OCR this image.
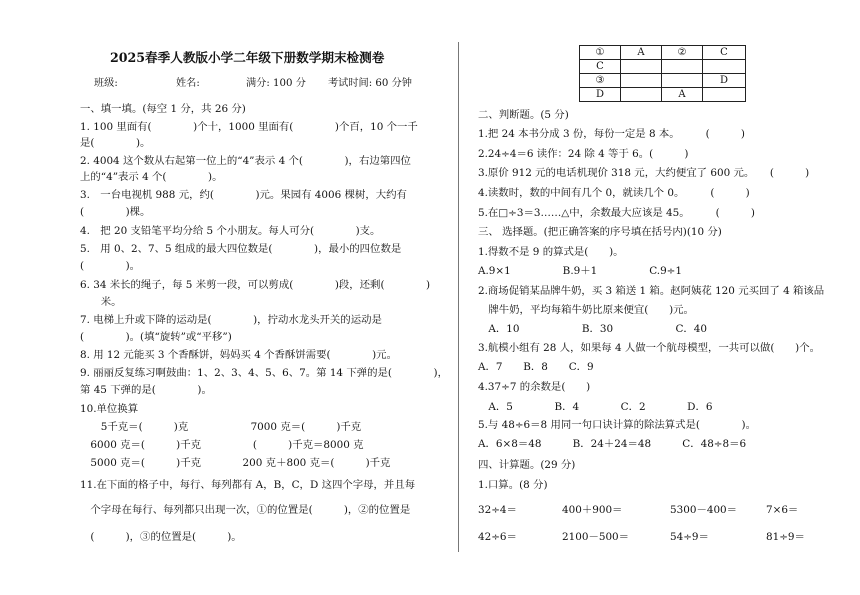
2025春季人教版小学二年级下册数学期末检测卷
班级:	姓名:	满分: 100 分 考试时间: 60 分钟
一、填一填。(每空 1 分，共 26 分)
1. 100 里面有(　　　　)个十，1000 里面有(　　　　)个百，10 个一千
是(　　　　)。
2. 4004 这个数从右起第一位上的“4”表示 4 个(　　　　)，右边第四位
上的“4”表示 4 个(　　　　)。
3.　一台电视机 988 元，约(　　　　)元。果园有 4006 棵树，大约有
(　　　　)棵。
4.　把 20 支铅笔平均分给 5 个小朋友。每人可分(　　　　)支。
5.　用 0、2、7、5 组成的最大四位数是(　　　　)，最小的四位数是
(　　　　)。
6. 34 米长的绳子，每 5 米剪一段，可以剪成(　　　　)段，还剩(　　　　)
　　米。
7. 电梯上升或下降的运动是(　　　　)，拧动水龙头开关的运动是
(　　　　)。(填“旋转”或“平移”)
8. 用 12 元能买 3 个香酥饼，妈妈买 4 个香酥饼需要(　　　　)元。
9. 丽丽反复练习啊鼓曲：1、2、3、4、5、6、7。第 14 下弹的是(　　　　)，
第 45 下弹的是(　　　　)。
10.单位换算
　　5千克＝(　　　)克　　　　　　7000 克＝(　　　)千克
　6000 克＝(　　　)千克　　　　　(　　　)千克＝8000 克
　5000 克＝(　　　)千克　　　　200 克＋800 克＝(　　　)千克
11.在下面的格子中，每行、每列都有 A，B，C，D 这四个字母，并且每
　个字母在每行、每列都只出现一次，①的位置是(　　　)，②的位置是
　(　　　)，③的位置是(　　　)。
①	A	②	C
C			
③			D
D		A	
二、判断题。(5 分)
1.把 24 本书分成 3 份，每份一定是 8 本。　　　(　　　)
2.24÷4＝6 读作：24 除 4 等于 6。(　　　)
3.原价 912 元的电话机现价 318 元，大约便宜了 600 元。　　(　　　)
4.读数时，数的中间有几个 0，就读几个 0。　　　(　　　)
5.在□÷3＝3……△中，余数最大应该是 45。　　　(　　　)
三、 选择题。(把正确答案的序号填在括号内)(10 分)
1.得数不是 9 的算式是(　　)。
A.9×1　　　　　B.9＋1　　　　　C.9÷1
2.商场促销某品牌牛奶，买 3 箱送 1 箱。赵阿姨花 120 元买回了 4 箱该品
　牌牛奶，平均每箱牛奶比原来便宜(　　)元。
　A．10　　　　　　B．30　　　　　　C．40
3.航模小组有 28 人，如果每 4 人做一个航母模型，一共可以做(　　)个。
A．7　　B．8　　C．9
4.37÷7 的余数是(　　)
　A．5　　　　B．4　　　　C．2　　　　D．6
5.与 48÷6＝8 用同一句口诀计算的除法算式是(　　　　)。
A．6×8＝48　　　B．24＋24＝48　　　C．48÷8＝6
四、计算题。(29 分)
1.口算。(8 分)
32÷4＝	400＋900＝	5300－400＝	7×6＝
42÷6＝	2100－500＝	54÷9＝	81÷9＝
